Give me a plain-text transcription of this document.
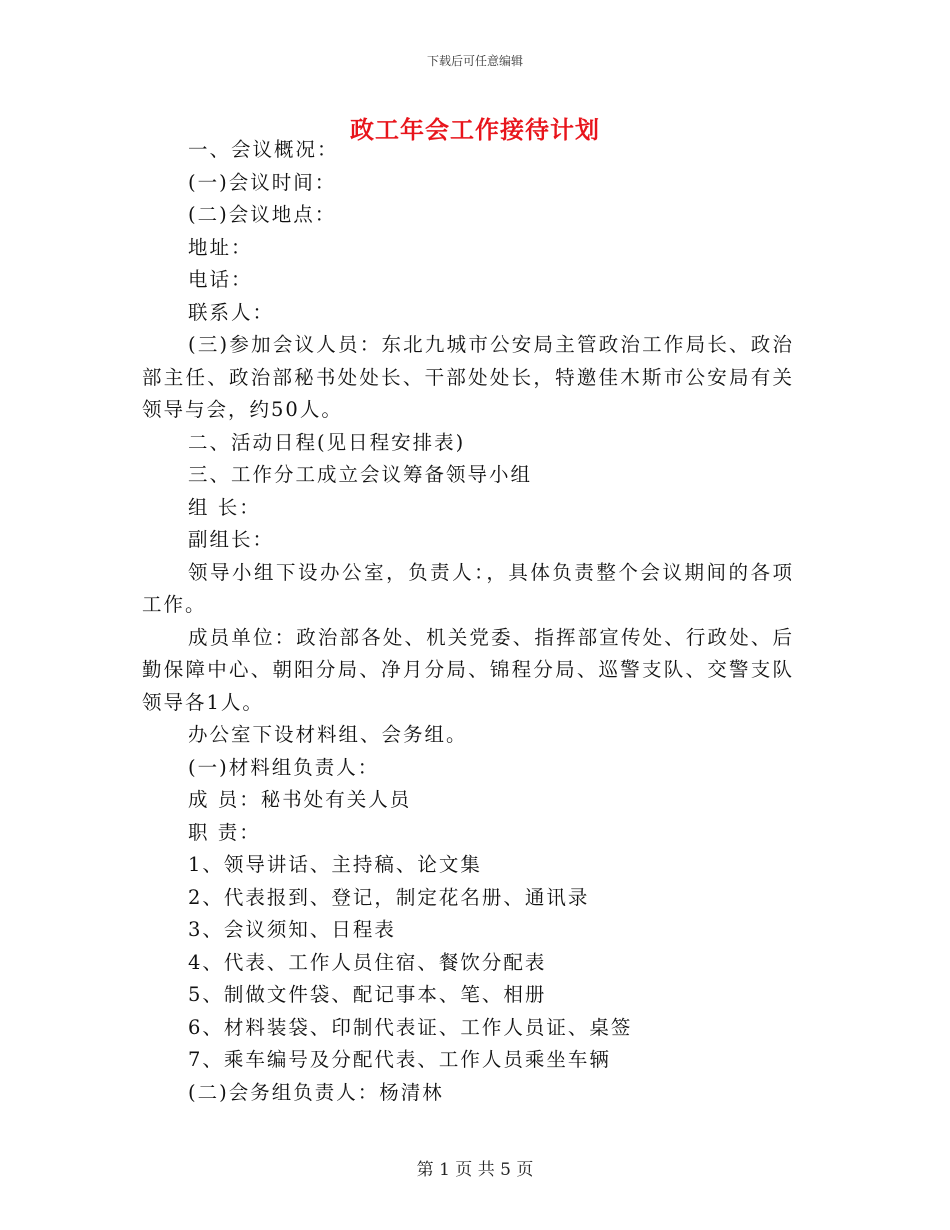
下载后可任意编辑
政工年会工作接待计划

一、会议概况：

(一)会议时间：

(二)会议地点：

地址：

电话：

联系人：

(三)参加会议人员：东北九城市公安局主管政治工作局长、政治部主任、政治部秘书处处长、干部处处长，特邀佳木斯市公安局有关领导与会，约50人。

二、活动日程(见日程安排表)

三、工作分工成立会议筹备领导小组

组 长：

副组长：

领导小组下设办公室，负责人：，具体负责整个会议期间的各项工作。

成员单位：政治部各处、机关党委、指挥部宣传处、行政处、后勤保障中心、朝阳分局、净月分局、锦程分局、巡警支队、交警支队领导各1人。

办公室下设材料组、会务组。

(一)材料组负责人：

成 员：秘书处有关人员

职 责：

1、领导讲话、主持稿、论文集

2、代表报到、登记，制定花名册、通讯录

3、会议须知、日程表

4、代表、工作人员住宿、餐饮分配表

5、制做文件袋、配记事本、笔、相册

6、材料装袋、印制代表证、工作人员证、桌签

7、乘车编号及分配代表、工作人员乘坐车辆

(二)会务组负责人：杨清林

第 1 页 共 5 页
